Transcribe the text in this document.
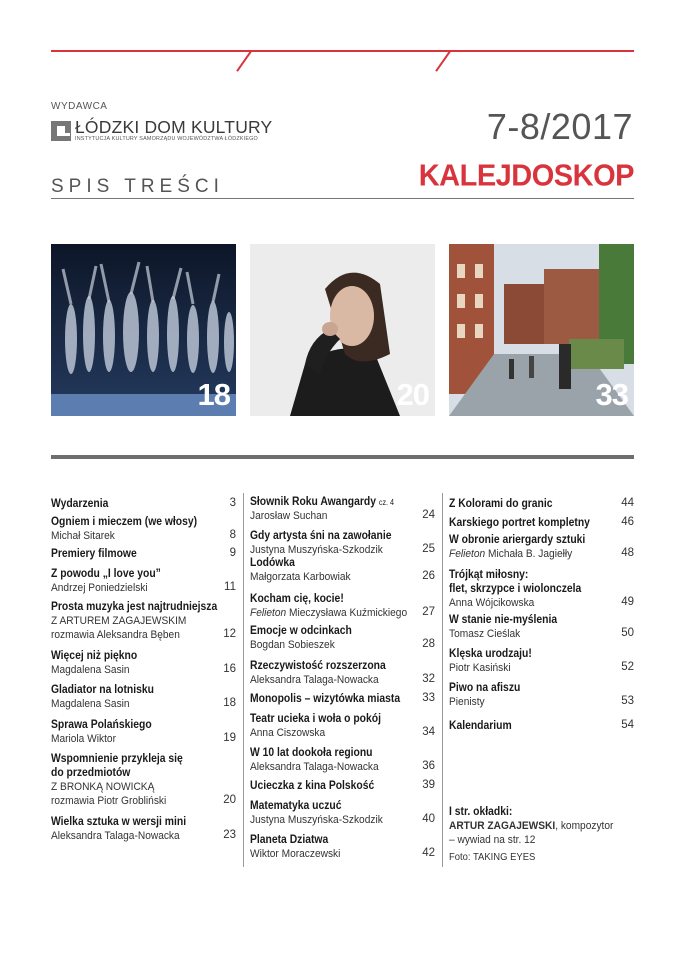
WYDAWCA
ŁÓDZKI DOM KULTURY
INSTYTUCJA KULTURY SAMORZĄDU WOJEWÓDZTWA ŁÓDZKIEGO	7-8/2017
SPIS TREŚCI	KALEJDOSKOP
18	20	33
Wydarzenia	3
Ogniem i mieczem (we włosy)
Michał Sitarek	8
Premiery filmowe	9
Z powodu „I love you”
Andrzej Poniedzielski	11
Prosta muzyka jest najtrudniejsza
Z ARTUREM ZAGAJEWSKIM
rozmawia Aleksandra Bęben	12
Więcej niż piękno
Magdalena Sasin	16
Gladiator na lotnisku
Magdalena Sasin	18
Sprawa Polańskiego
Mariola Wiktor	19
Wspomnienie przykleja się
do przedmiotów
Z BRONKĄ NOWICKĄ
rozmawia Piotr Grobliński	20
Wielka sztuka w wersji mini
Aleksandra Talaga-Nowacka	23
Słownik Roku Awangardy cz. 4
Jarosław Suchan	24
Gdy artysta śni na zawołanie
Justyna Muszyńska-Szkodzik	25
Lodówka
Małgorzata Karbowiak	26
Kocham cię, kocie!
Felieton Mieczysława Kuźmickiego	27
Emocje w odcinkach
Bogdan Sobieszek	28
Rzeczywistość rozszerzona
Aleksandra Talaga-Nowacka	32
Monopolis – wizytówka miasta	33
Teatr ucieka i woła o pokój
Anna Ciszowska	34
W 10 lat dookoła regionu
Aleksandra Talaga-Nowacka	36
Ucieczka z kina Polskość	39
Matematyka uczuć
Justyna Muszyńska-Szkodzik	40
Planeta Dziatwa
Wiktor Moraczewski	42
Z Kolorami do granic	44
Karskiego portret kompletny	46
W obronie ariergardy sztuki
Felieton Michała B. Jagiełły	48
Trójkąt miłosny:
flet, skrzypce i wiolonczela
Anna Wójcikowska	49
W stanie nie-myślenia
Tomasz Cieślak	50
Klęska urodzaju!
Piotr Kasiński	52
Piwo na afiszu
Pienisty	53
Kalendarium	54
I str. okładki:
ARTUR ZAGAJEWSKI, kompozytor
– wywiad na str. 12
Foto: TAKING EYES
